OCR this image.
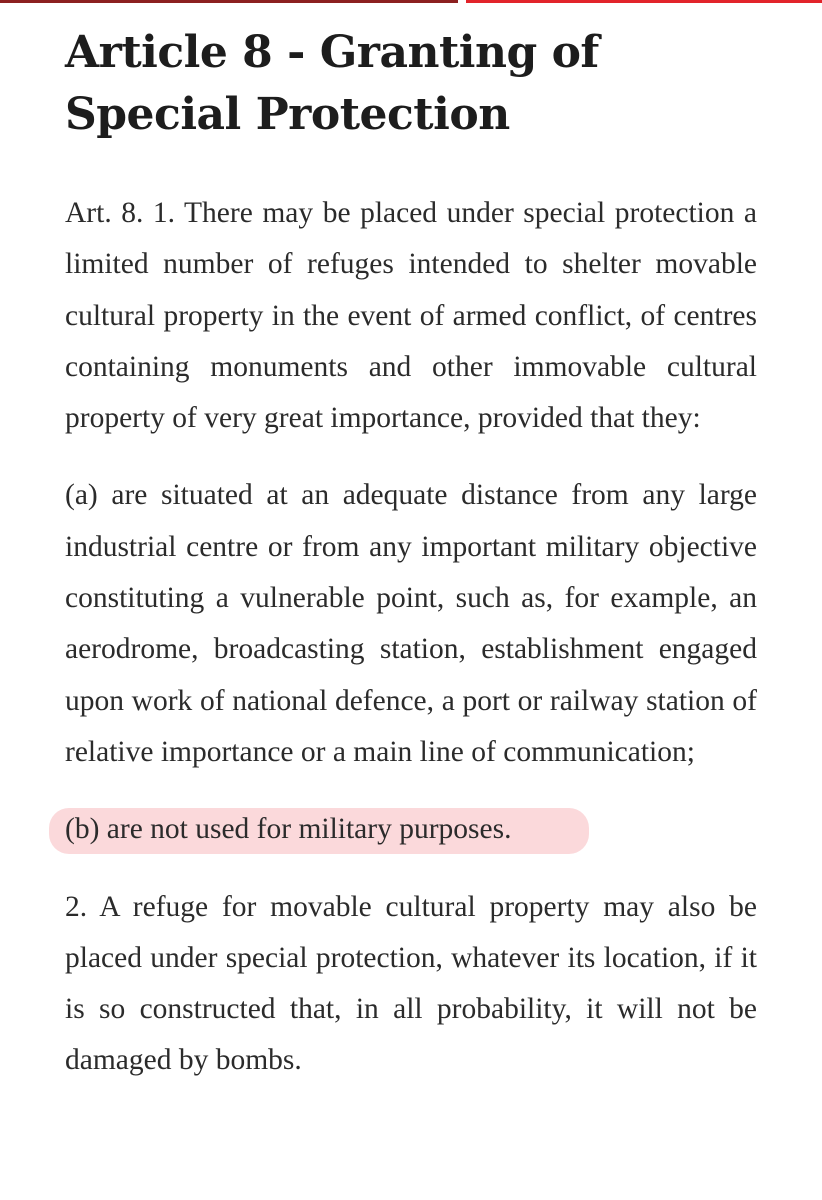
Article 8 - Granting of Special Protection

Art. 8. 1. There may be placed under special protection a limited number of refuges intended to shelter movable cultural property in the event of armed conflict, of centres containing monuments and other immovable cultural property of very great importance, provided that they:

(a) are situated at an adequate distance from any large industrial centre or from any important military objective constituting a vulnerable point, such as, for example, an aerodrome, broadcasting station, establishment engaged upon work of national defence, a port or railway station of relative importance or a main line of communication;

(b) are not used for military purposes.

2. A refuge for movable cultural property may also be placed under special protection, whatever its location, if it is so constructed that, in all probability, it will not be damaged by bombs.
